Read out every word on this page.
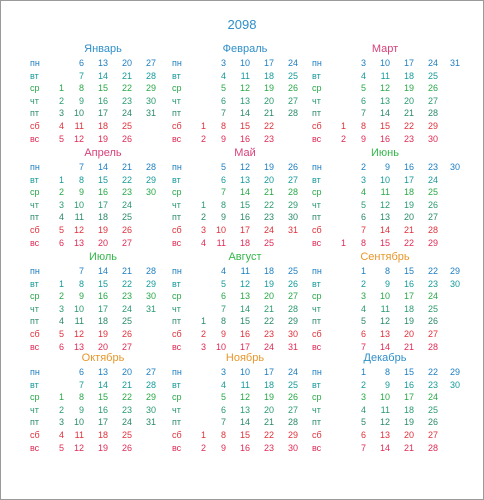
2098
Январь
пн	6	13	20	27
вт	7	14	21	28
ср	1	8	15	22	29
чт	2	9	16	23	30
пт	3	10	17	24	31
сб	4	11	18	25
вс	5	12	19	26
Февраль
пн	3	10	17	24
вт	4	11	18	25
ср	5	12	19	26
чт	6	13	20	27
пт	7	14	21	28
сб	1	8	15	22
вс	2	9	16	23
Март
пн	3	10	17	24	31
вт	4	11	18	25
ср	5	12	19	26
чт	6	13	20	27
пт	7	14	21	28
сб	1	8	15	22	29
вс	2	9	16	23	30
Апрель
пн	7	14	21	28
вт	1	8	15	22	29
ср	2	9	16	23	30
чт	3	10	17	24
пт	4	11	18	25
сб	5	12	19	26
вс	6	13	20	27
Май
пн	5	12	19	26
вт	6	13	20	27
ср	7	14	21	28
чт	1	8	15	22	29
пт	2	9	16	23	30
сб	3	10	17	24	31
вс	4	11	18	25
Июнь
пн	2	9	16	23	30
вт	3	10	17	24
ср	4	11	18	25
чт	5	12	19	26
пт	6	13	20	27
сб	7	14	21	28
вс	1	8	15	22	29
Июль
пн	7	14	21	28
вт	1	8	15	22	29
ср	2	9	16	23	30
чт	3	10	17	24	31
пт	4	11	18	25
сб	5	12	19	26
вс	6	13	20	27
Август
пн	4	11	18	25
вт	5	12	19	26
ср	6	13	20	27
чт	7	14	21	28
пт	1	8	15	22	29
сб	2	9	16	23	30
вс	3	10	17	24	31
Сентябрь
пн	1	8	15	22	29
вт	2	9	16	23	30
ср	3	10	17	24
чт	4	11	18	25
пт	5	12	19	26
сб	6	13	20	27
вс	7	14	21	28
Октябрь
пн	6	13	20	27
вт	7	14	21	28
ср	1	8	15	22	29
чт	2	9	16	23	30
пт	3	10	17	24	31
сб	4	11	18	25
вс	5	12	19	26
Ноябрь
пн	3	10	17	24
вт	4	11	18	25
ср	5	12	19	26
чт	6	13	20	27
пт	7	14	21	28
сб	1	8	15	22	29
вс	2	9	16	23	30
Декабрь
пн	1	8	15	22	29
вт	2	9	16	23	30
ср	3	10	17	24
чт	4	11	18	25
пт	5	12	19	26
сб	6	13	20	27
вс	7	14	21	28
